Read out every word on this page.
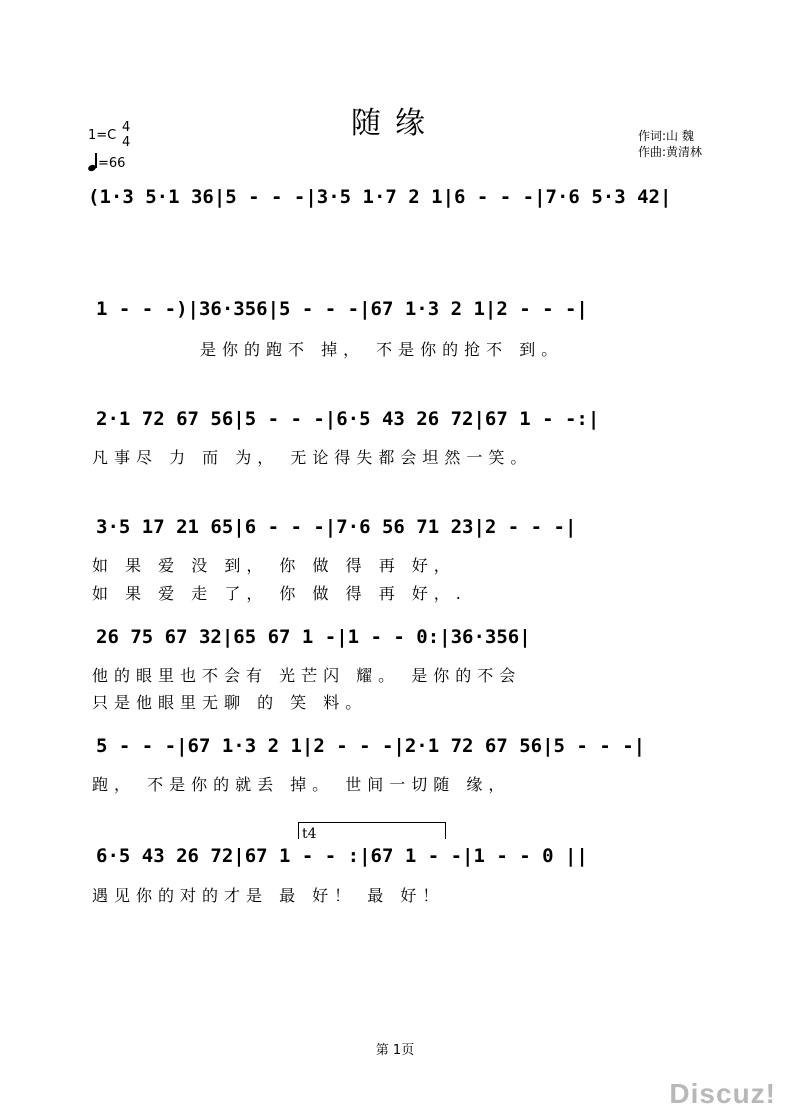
随缘
1=C
4
4
=66
作词:山 魏
作曲:黄清林
(1·3 5·1 36|5 - - -|3·5 1·7 2 1|6 - - -|7·6 5·3 42|
1 - - -)|36·356|5 - - -|67 1·3 2 1|2 - - -|
是你的跑不 掉， 不是你的抢不 到。
2·1 72 67 56|5 - - -|6·5 43 26 72|67 1 - -:|
凡事尽 力 而 为， 无论得失都会坦然一笑。
3·5 17 21 65|6 - - -|7·6 56 71 23|2 - - -|
如 果 爱 没 到， 你 做 得 再 好，
如 果 爱 走 了， 你 做 得 再 好，.
26 75 67 32|65 67 1 -|1 - - 0:|36·356|
他的眼里也不会有 光芒闪 耀。 是你的不会
只是他眼里无聊 的 笑 料。
5 - - -|67 1·3 2 1|2 - - -|2·1 72 67 56|5 - - -|
跑， 不是你的就丢 掉。 世间一切随 缘，
t4
6·5 43 26 72|67 1 - - :|67 1 - -|1 - - 0 ||
遇见你的对的才是 最 好！ 最 好！
第 1页
Discuz!
